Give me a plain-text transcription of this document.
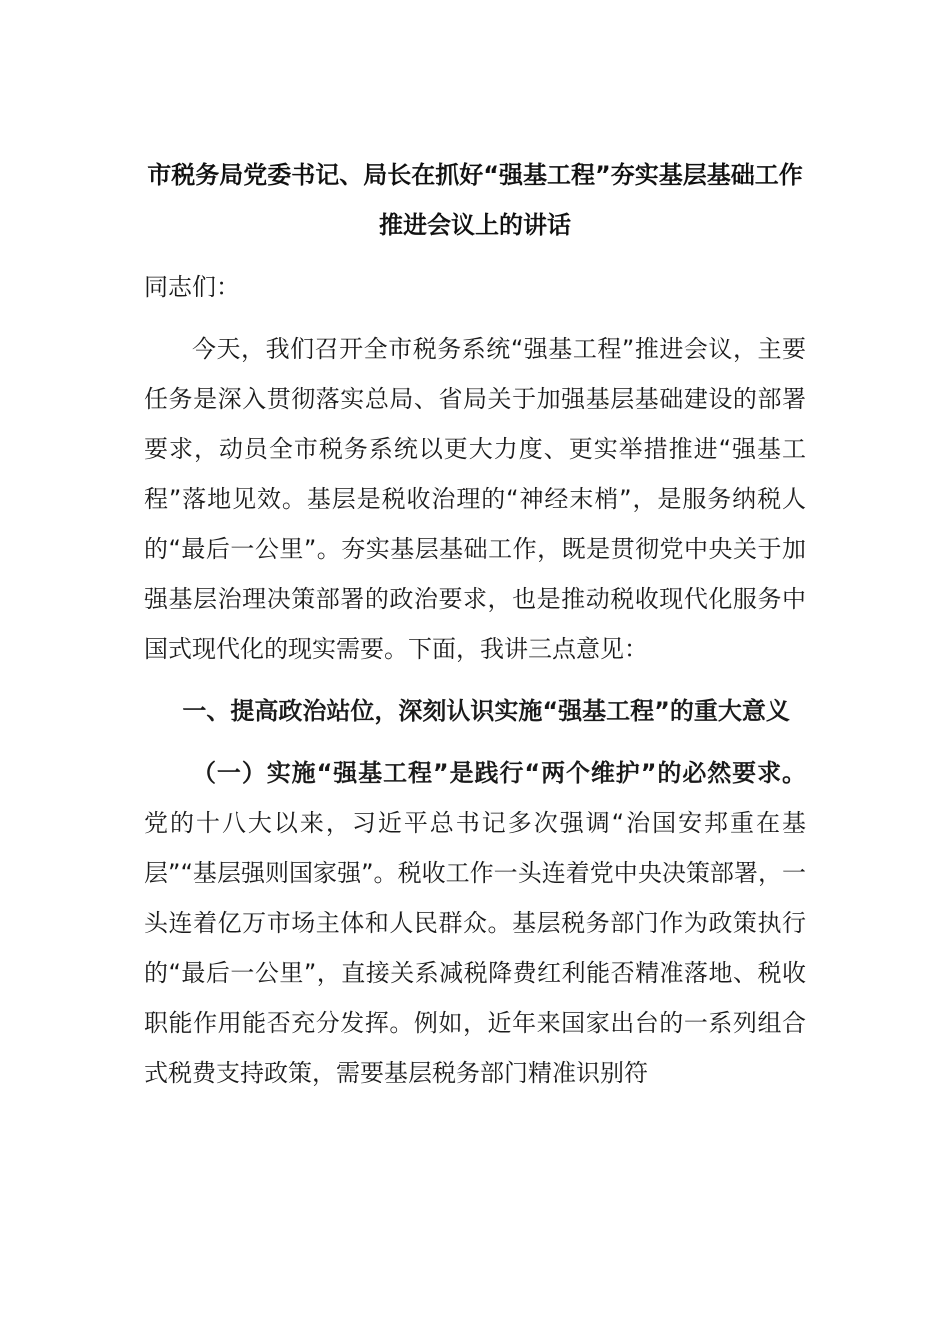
市税务局党委书记、局长在抓好“强基工程”夯实基层基础工作推进会议上的讲话

同志们：

今天，我们召开全市税务系统“强基工程”推进会议，主要任务是深入贯彻落实总局、省局关于加强基层基础建设的部署要求，动员全市税务系统以更大力度、更实举措推进“强基工程”落地见效。基层是税收治理的“神经末梢”，是服务纳税人的“最后一公里”。夯实基层基础工作，既是贯彻党中央关于加强基层治理决策部署的政治要求，也是推动税收现代化服务中国式现代化的现实需要。下面，我讲三点意见：

一、提高政治站位，深刻认识实施“强基工程”的重大意义

（一）实施“强基工程”是践行“两个维护”的必然要求。党的十八大以来，习近平总书记多次强调“治国安邦重在基层”“基层强则国家强”。税收工作一头连着党中央决策部署，一头连着亿万市场主体和人民群众。基层税务部门作为政策执行的“最后一公里”，直接关系减税降费红利能否精准落地、税收职能作用能否充分发挥。例如，近年来国家出台的一系列组合式税费支持政策，需要基层税务部门精准识别符
